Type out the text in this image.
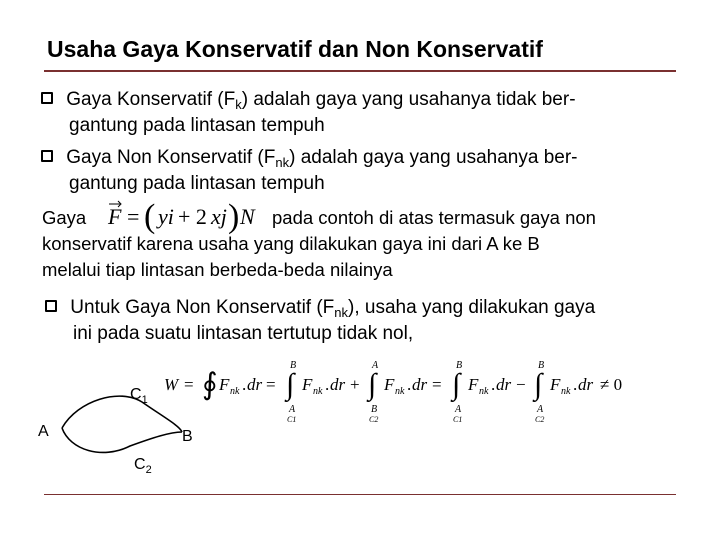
Usaha Gaya Konservatif dan Non Konservatif
Gaya Konservatif $(F_k)$ adalah gaya yang usahanya tidak ber-
gantung pada lintasan tempuh
Gaya Non Konservatif $(F_{nk})$ adalah gaya yang usahanya ber-
gantung pada lintasan tempuh
Gaya F = ( yi + 2 xj ) N pada contoh di atas termasuk gaya non
konservatif karena usaha yang dilakukan gaya ini dari A ke B
melalui tiap lintasan berbeda-beda nilainya
Untuk Gaya Non Konservatif $(F_{nk})$, usaha yang dilakukan gaya
ini pada suatu lintasan tertutup tidak nol,
$C_1$
A	B
$C_2$
W = ∮ F nk . dr = ∫
B
A
C1
F nk . dr + ∫
A
B
C2
F nk . dr = ∫
B
A
C1
F nk . dr − ∫
B
A
C2
F nk . dr ≠ 0
